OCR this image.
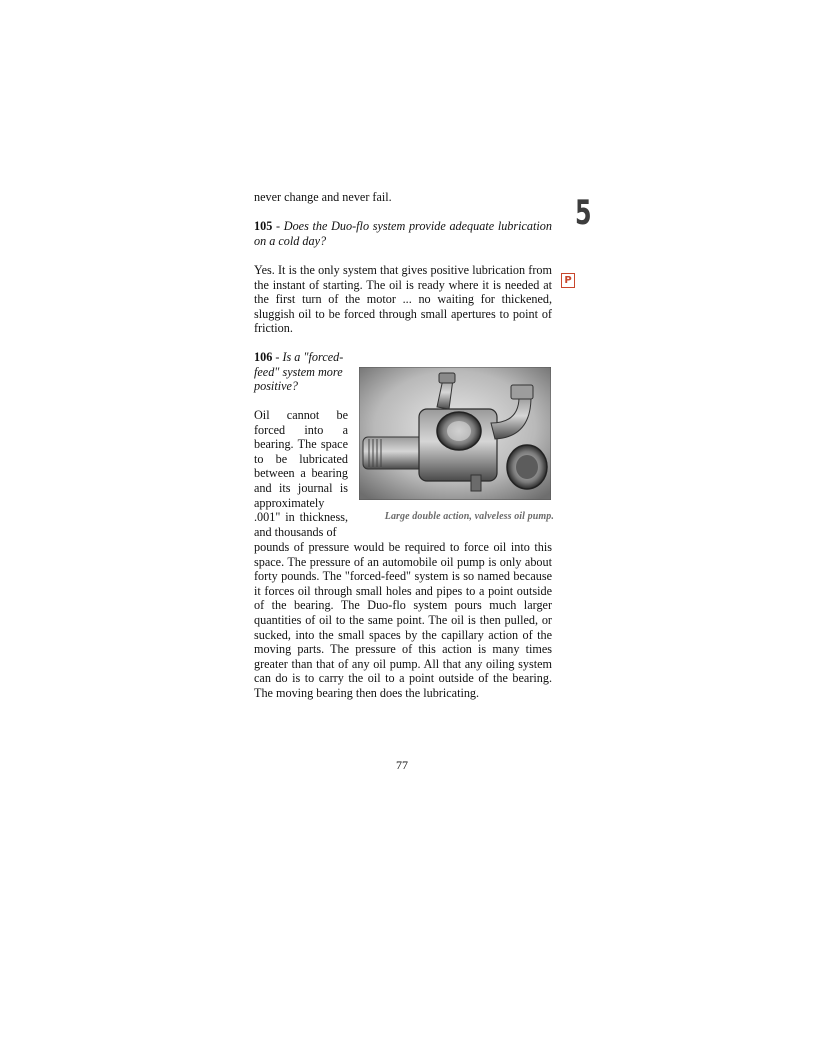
never change and never fail.	5
105 - Does the Duo-flo system provide adequate lubrication on a cold day?
Yes. It is the only system that gives positive lubrication from the instant of starting. The oil is ready where it is needed at the first turn of the motor ... no waiting for thickened, sluggish oil to be forced through small apertures to point of friction.
P
106 - Is a "forced-feed" system more positive?
Oil cannot be forced into a bearing. The space to be lubricated between a bearing and its journal is approximately .001" in thickness, and thousands of
Large double action, valveless oil pump.
pounds of pressure would be required to force oil into this space. The pressure of an automobile oil pump is only about forty pounds. The "forced-feed" system is so named because it forces oil through small holes and pipes to a point outside of the bearing. The Duo-flo system pours much larger quantities of oil to the same point. The oil is then pulled, or sucked, into the small spaces by the capillary action of the moving parts. The pressure of this action is many times greater than that of any oil pump. All that any oiling system can do is to carry the oil to a point outside of the bearing. The moving bearing then does the lubricating.
77
